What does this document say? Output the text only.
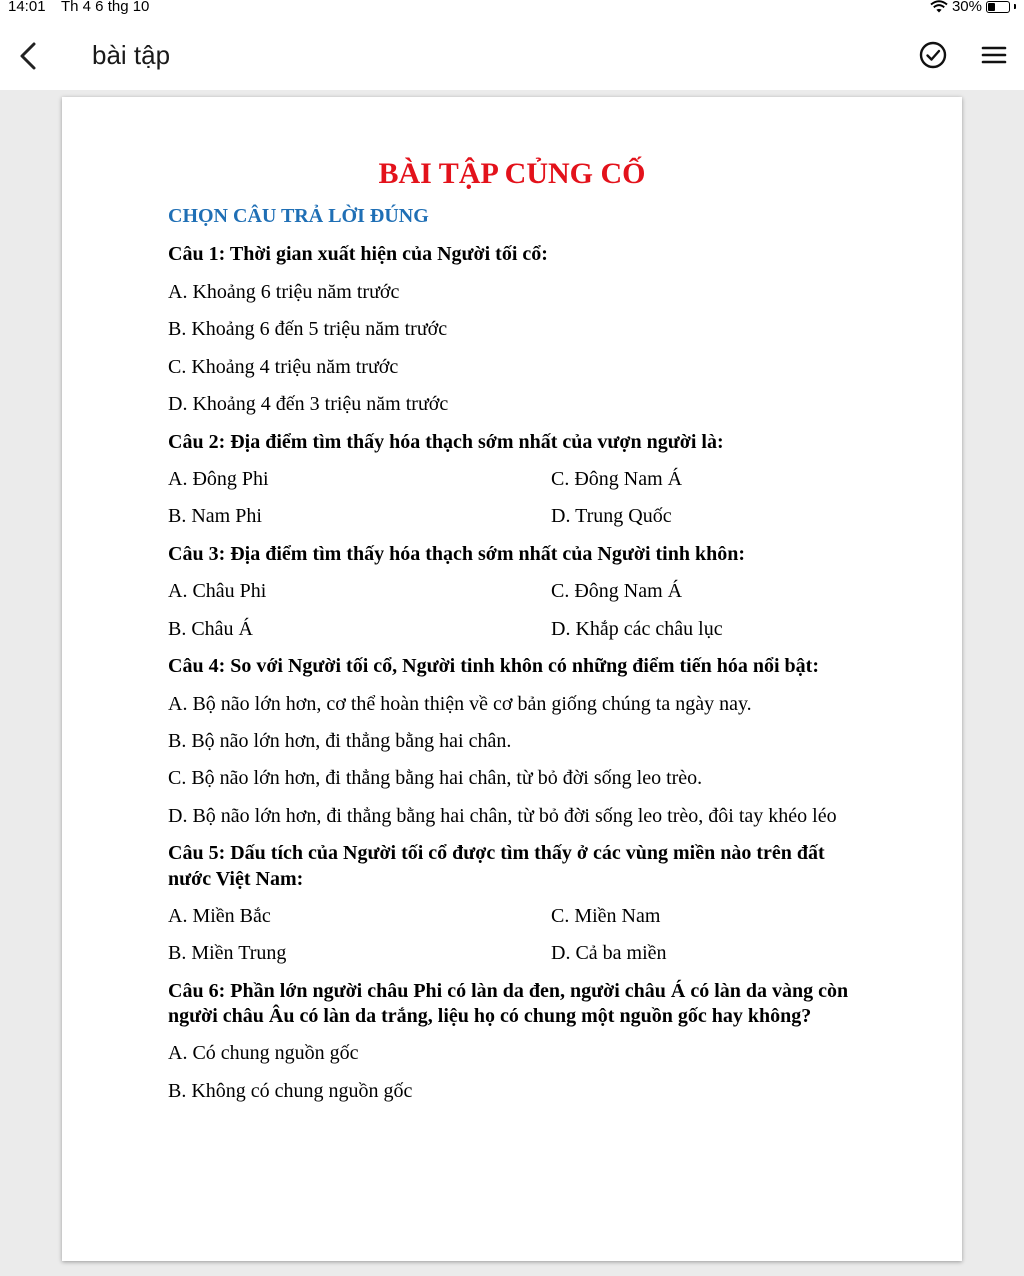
14:01 Th 4 6 thg 10	30%
bài tập
BÀI TẬP CỦNG CỐ
CHỌN CÂU TRẢ LỜI ĐÚNG
Câu 1: Thời gian xuất hiện của Người tối cổ:
A. Khoảng 6 triệu năm trước
B. Khoảng 6 đến 5 triệu năm trước
C. Khoảng 4 triệu năm trước
D. Khoảng 4 đến 3 triệu năm trước
Câu 2: Địa điểm tìm thấy hóa thạch sớm nhất của vượn người là:
A. Đông Phi	C. Đông Nam Á
B. Nam Phi	D. Trung Quốc
Câu 3: Địa điểm tìm thấy hóa thạch sớm nhất của Người tinh khôn:
A. Châu Phi	C. Đông Nam Á
B. Châu Á	D. Khắp các châu lục
Câu 4: So với Người tối cổ, Người tinh khôn có những điểm tiến hóa nổi bật:
A. Bộ não lớn hơn, cơ thể hoàn thiện về cơ bản giống chúng ta ngày nay.
B. Bộ não lớn hơn, đi thẳng bằng hai chân.
C. Bộ não lớn hơn, đi thẳng bằng hai chân, từ bỏ đời sống leo trèo.
D. Bộ não lớn hơn, đi thẳng bằng hai chân, từ bỏ đời sống leo trèo, đôi tay khéo léo
Câu 5: Dấu tích của Người tối cổ được tìm thấy ở các vùng miền nào trên đất
nước Việt Nam:
A. Miền Bắc	C. Miền Nam
B. Miền Trung	D. Cả ba miền
Câu 6: Phần lớn người châu Phi có làn da đen, người châu Á có làn da vàng còn
người châu Âu có làn da trắng, liệu họ có chung một nguồn gốc hay không?
A. Có chung nguồn gốc
B. Không có chung nguồn gốc
